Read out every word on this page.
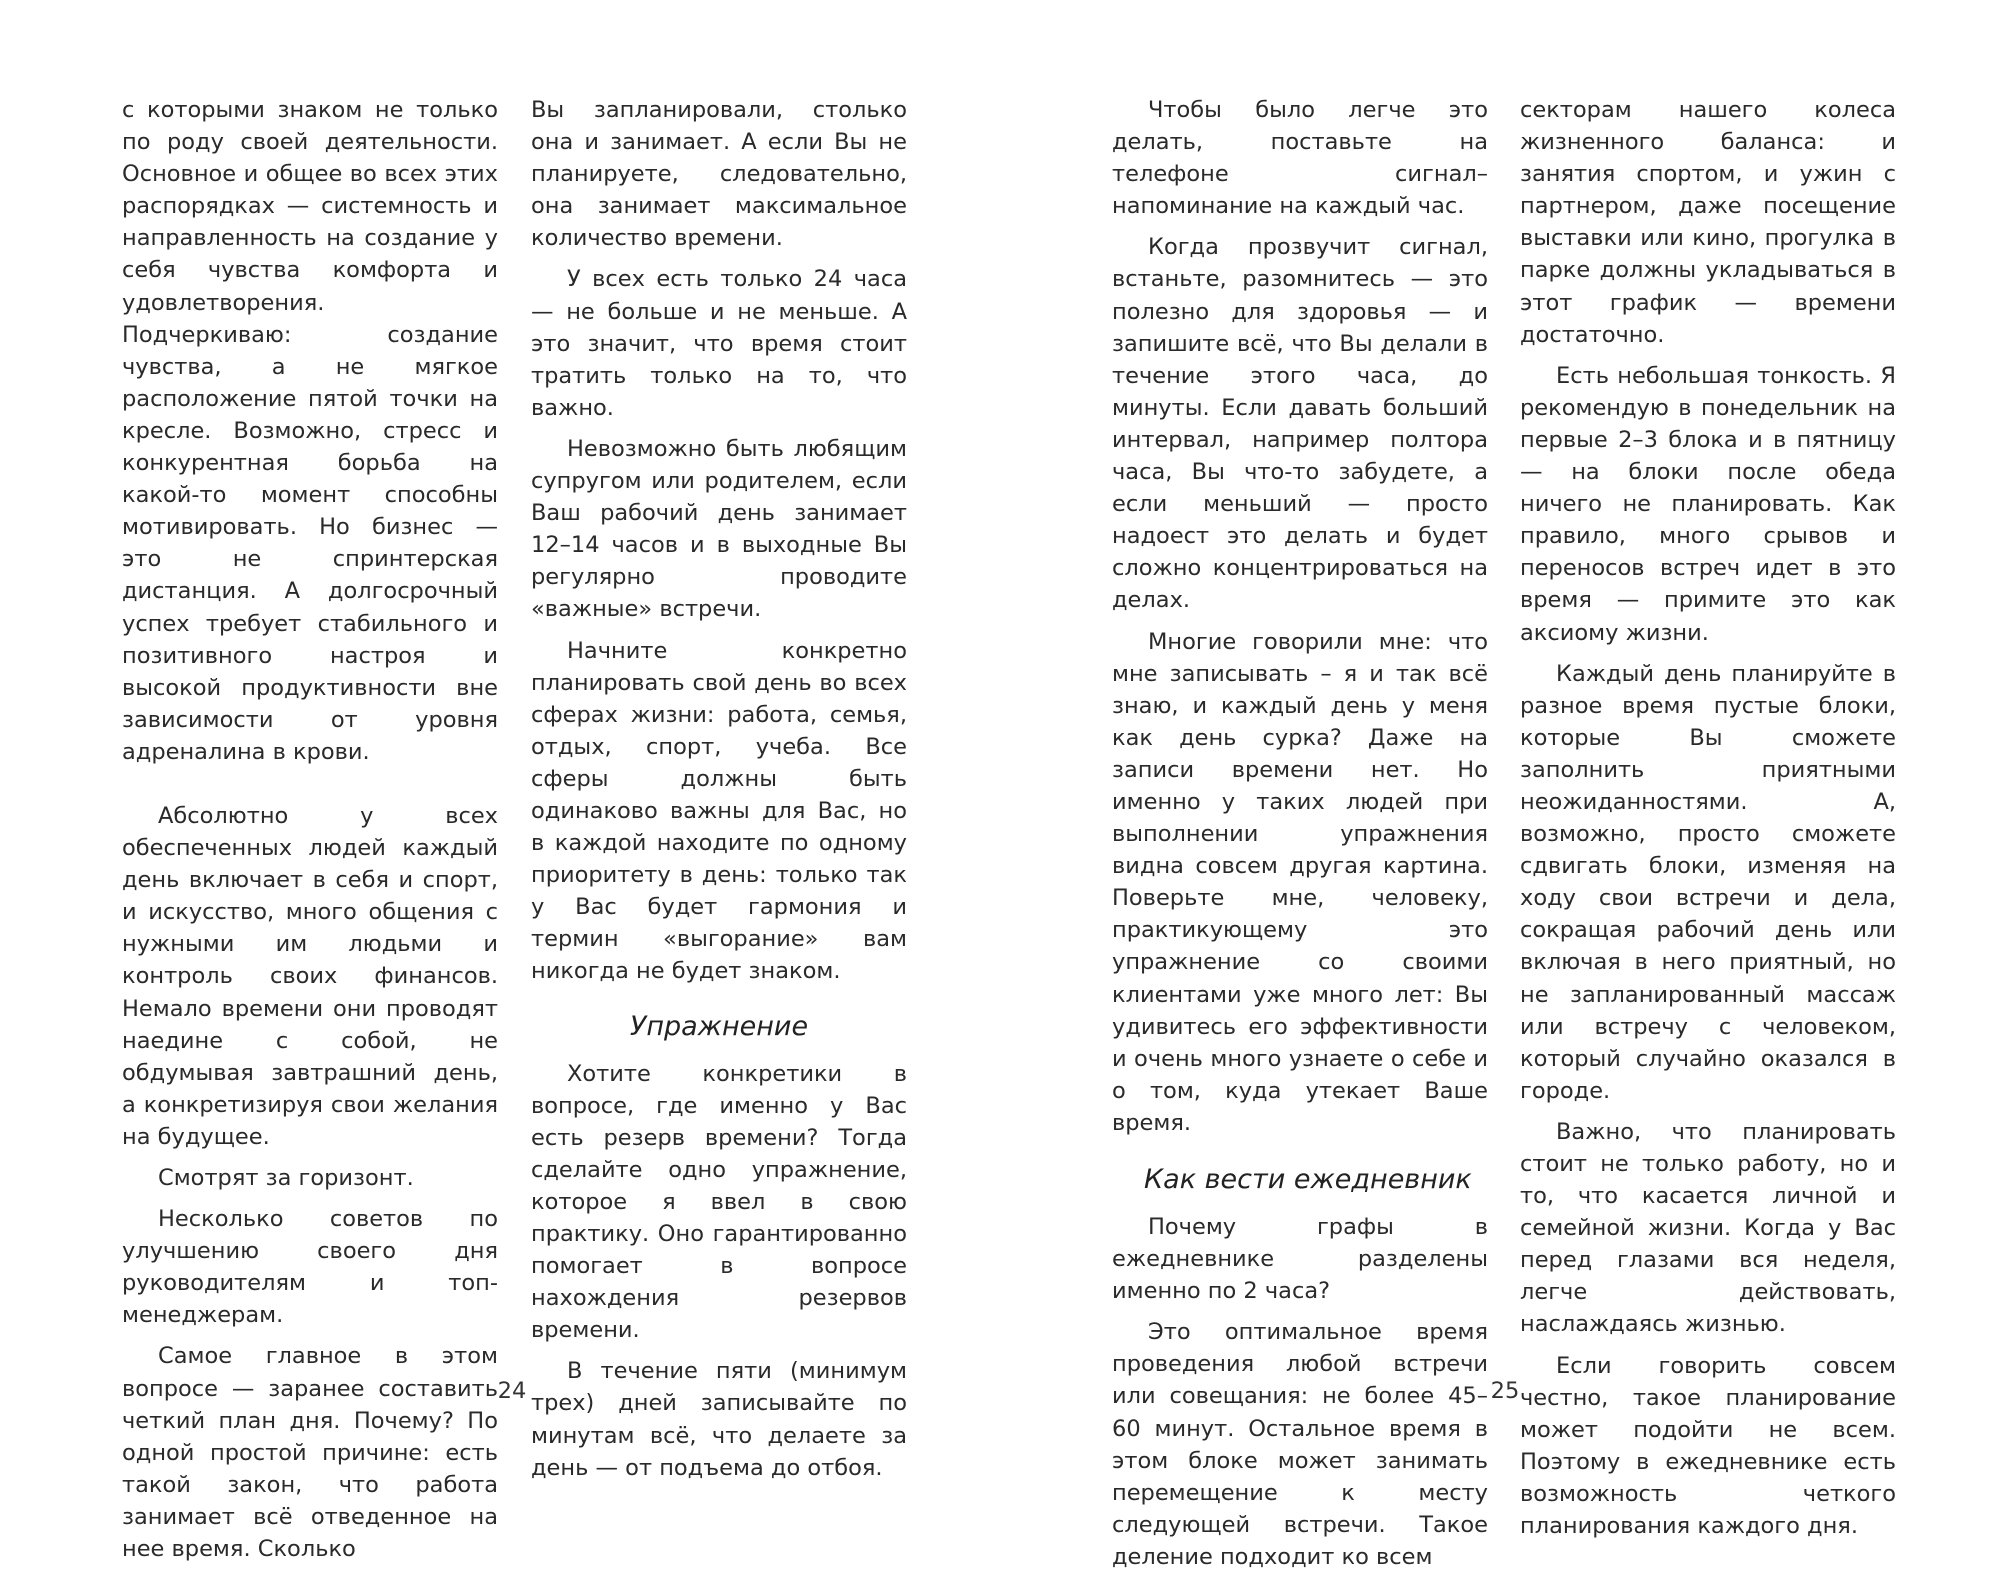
с которыми знаком не только по роду своей деятельности. Основное и общее во всех этих распорядках — системность и направленность на создание у себя чувства комфорта и удовлетворения. Подчеркиваю: создание чувства, а не мягкое расположение пятой точки на кресле. Возможно, стресс и конкурентная борьба на какой-то момент способны мотивировать. Но бизнес — это не спринтерская дистанция. А долгосрочный успех требует стабильного и позитивного настроя и высокой продуктивности вне зависимости от уровня адреналина в крови.

Абсолютно у всех обеспеченных людей каждый день включает в себя и спорт, и искусство, много общения с нужными им людьми и контроль своих финансов. Немало времени они проводят наедине с собой, не обдумывая завтрашний день, а конкретизируя свои желания на будущее.

Смотрят за горизонт.

Несколько советов по улучшению своего дня руководителям и топ-менеджерам.

Самое главное в этом вопросе — заранее составить четкий план дня. Почему? По одной простой причине: есть такой закон, что работа занимает всё отведенное на нее время. Сколько

Вы запланировали, столько она и занимает. А если Вы не планируете, следовательно, она занимает максимальное количество времени.

У всех есть только 24 часа — не больше и не меньше. А это значит, что время стоит тратить только на то, что важно.

Невозможно быть любящим супругом или родителем, если Ваш рабочий день занимает 12–14 часов и в выходные Вы регулярно проводите «важные» встречи.

Начните конкретно планировать свой день во всех сферах жизни: работа, семья, отдых, спорт, учеба. Все сферы должны быть одинаково важны для Вас, но в каждой находите по одному приоритету в день: только так у Вас будет гармония и термин «выгорание» вам никогда не будет знаком.

Упражнение

Хотите конкретики в вопросе, где именно у Вас есть резерв времени? Тогда сделайте одно упражнение, которое я ввел в свою практику. Оно гарантированно помогает в вопросе нахождения резервов времени.

В течение пяти (минимум трех) дней записывайте по минутам всё, что делаете за день — от подъема до отбоя.

24

Чтобы было легче это делать, поставьте на телефоне сигнал–напоминание на каждый час.

Когда прозвучит сигнал, встаньте, разомнитесь — это полезно для здоровья — и запишите всё, что Вы делали в течение этого часа, до минуты. Если давать больший интервал, например полтора часа, Вы что-то забудете, а если меньший — просто надоест это делать и будет сложно концентрироваться на делах.

Многие говорили мне: что мне записывать – я и так всё знаю, и каждый день у меня как день сурка? Даже на записи времени нет. Но именно у таких людей при выполнении упражнения видна совсем другая картина. Поверьте мне, человеку, практикующему это упражнение со своими клиентами уже много лет: Вы удивитесь его эффективности и очень много узнаете о себе и о том, куда утекает Ваше время.

Как вести ежедневник

Почему графы в ежедневнике разделены именно по 2 часа?

Это оптимальное время проведения любой встречи или совещания: не более 45–60 минут. Остальное время в этом блоке может занимать перемещение к месту следующей встречи. Такое деление подходит ко всем

секторам нашего колеса жизненного баланса: и занятия спортом, и ужин с партнером, даже посещение выставки или кино, прогулка в парке должны укладываться в этот график — времени достаточно.

Есть небольшая тонкость. Я рекомендую в понедельник на первые 2–3 блока и в пятницу — на блоки после обеда ничего не планировать. Как правило, много срывов и переносов встреч идет в это время — примите это как аксиому жизни.

Каждый день планируйте в разное время пустые блоки, которые Вы сможете заполнить приятными неожиданностями. А, возможно, просто сможете сдвигать блоки, изменяя на ходу свои встречи и дела, сокращая рабочий день или включая в него приятный, но не запланированный массаж или встречу с человеком, который случайно оказался в городе.

Важно, что планировать стоит не только работу, но и то, что касается личной и семейной жизни. Когда у Вас перед глазами вся неделя, легче действовать, наслаждаясь жизнью.

Если говорить совсем честно, такое планирование может подойти не всем. Поэтому в ежедневнике есть возможность четкого планирования каждого дня.

25
